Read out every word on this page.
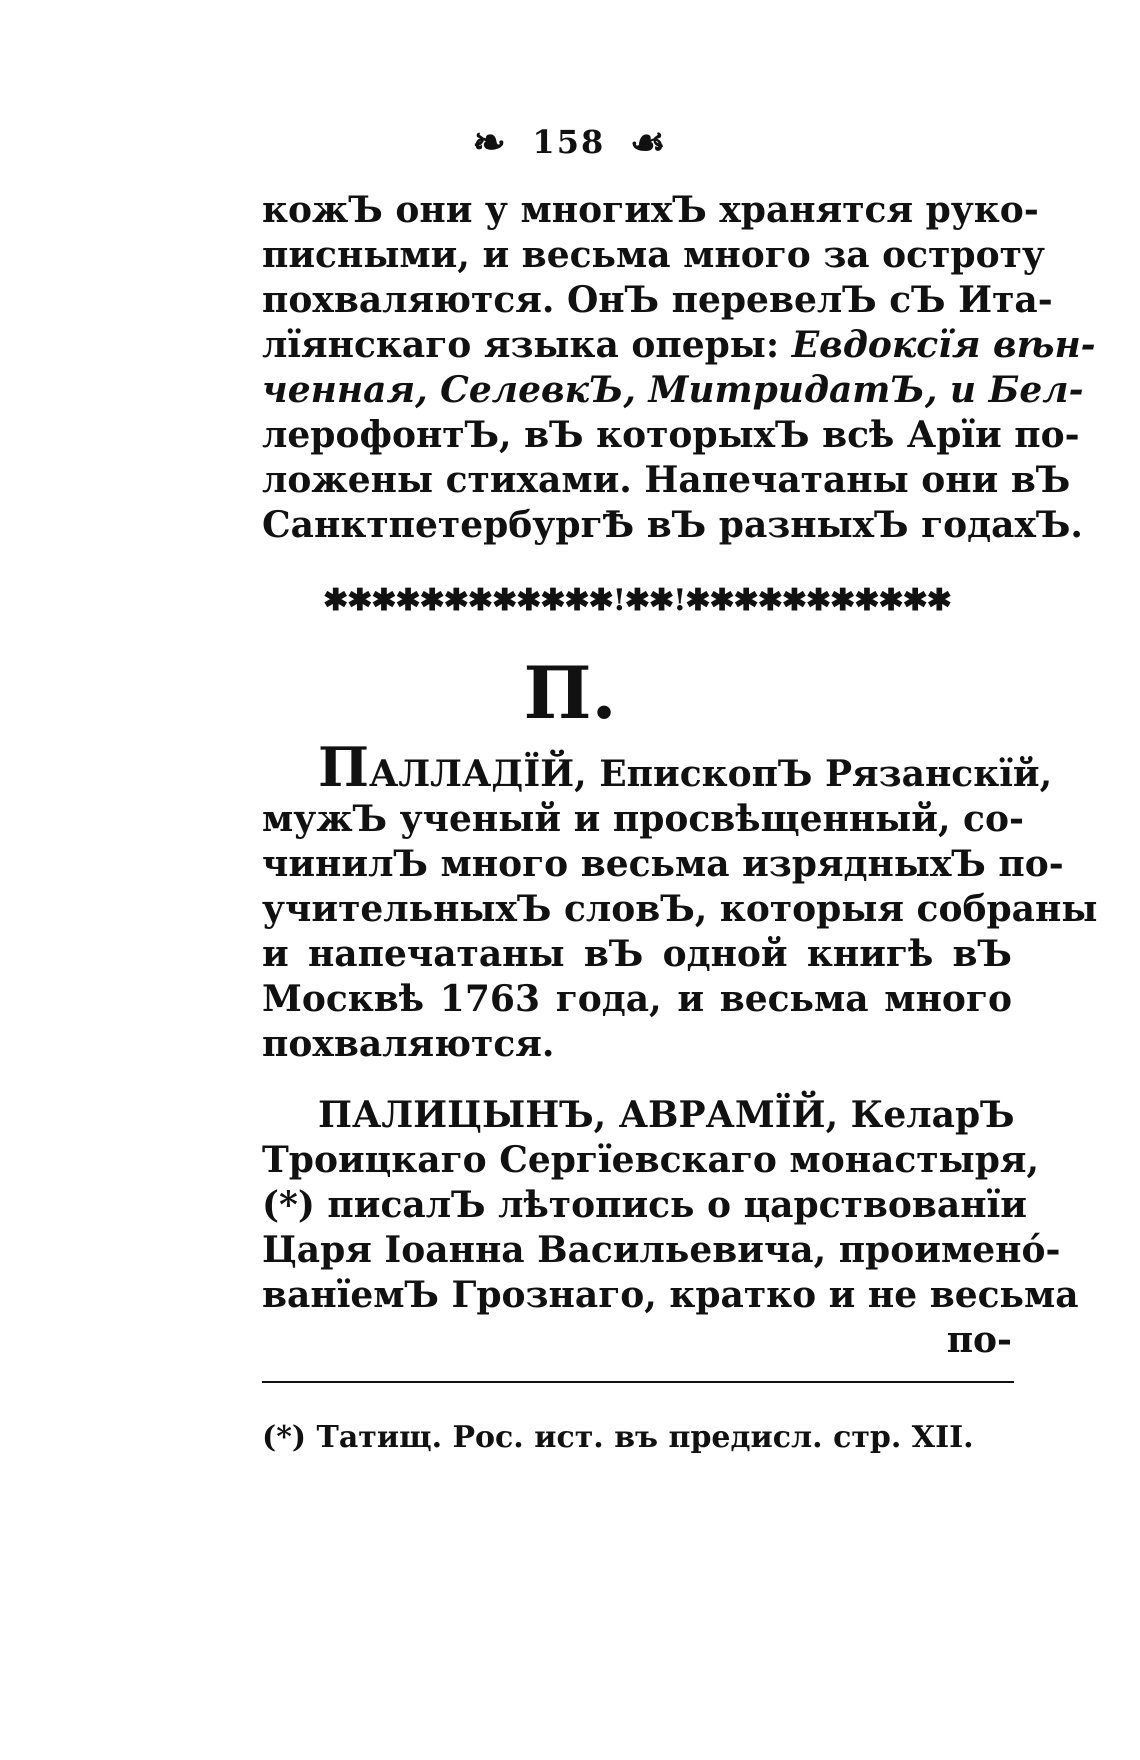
❧ 158 ☙
кожЪ они у многихЪ хранятся руко-
писными, и весьма много за остроту
похваляются. ОнЪ перевелЪ сЪ Ита-
лïянскаго языка оперы: Евдоксïя вѣн-
ченная, СелевкЪ, МитридатЪ, и Бел-
лерофонтЪ, вЪ которыхЪ всѣ Арïи по-
ложены стихами. Напечатаны они вЪ
СанктпетербургѢ вЪ разныхЪ годахЪ.
✱✱✱✱✱✱✱✱✱✱✱✱!✱✱!✱✱✱✱✱✱✱✱✱✱✱
П.
ПАЛЛАДÏЙ, ЕпископЪ Рязанскïй,
мужЪ ученый и просвѣщенный, со-
чинилЪ много весьма изрядныхЪ по-
учительныхЪ словЪ, которыя собраны
и напечатаны вЪ одной книгѣ вЪ
Москвѣ 1763 года, и весьма много
похваляются.
ПАЛИЦЫНЪ, АВРАМÏЙ, КеларЪ
Троицкаго Сергïевскаго монастыря,
(*) писалЪ лѣтопись о царствованïи
Царя Iоанна Васильевича, проименó-
ванïемЪ Грознаго, кратко и не весьма
по-
(*) Татищ. Рос. ист. въ предисл. стр. XII.
